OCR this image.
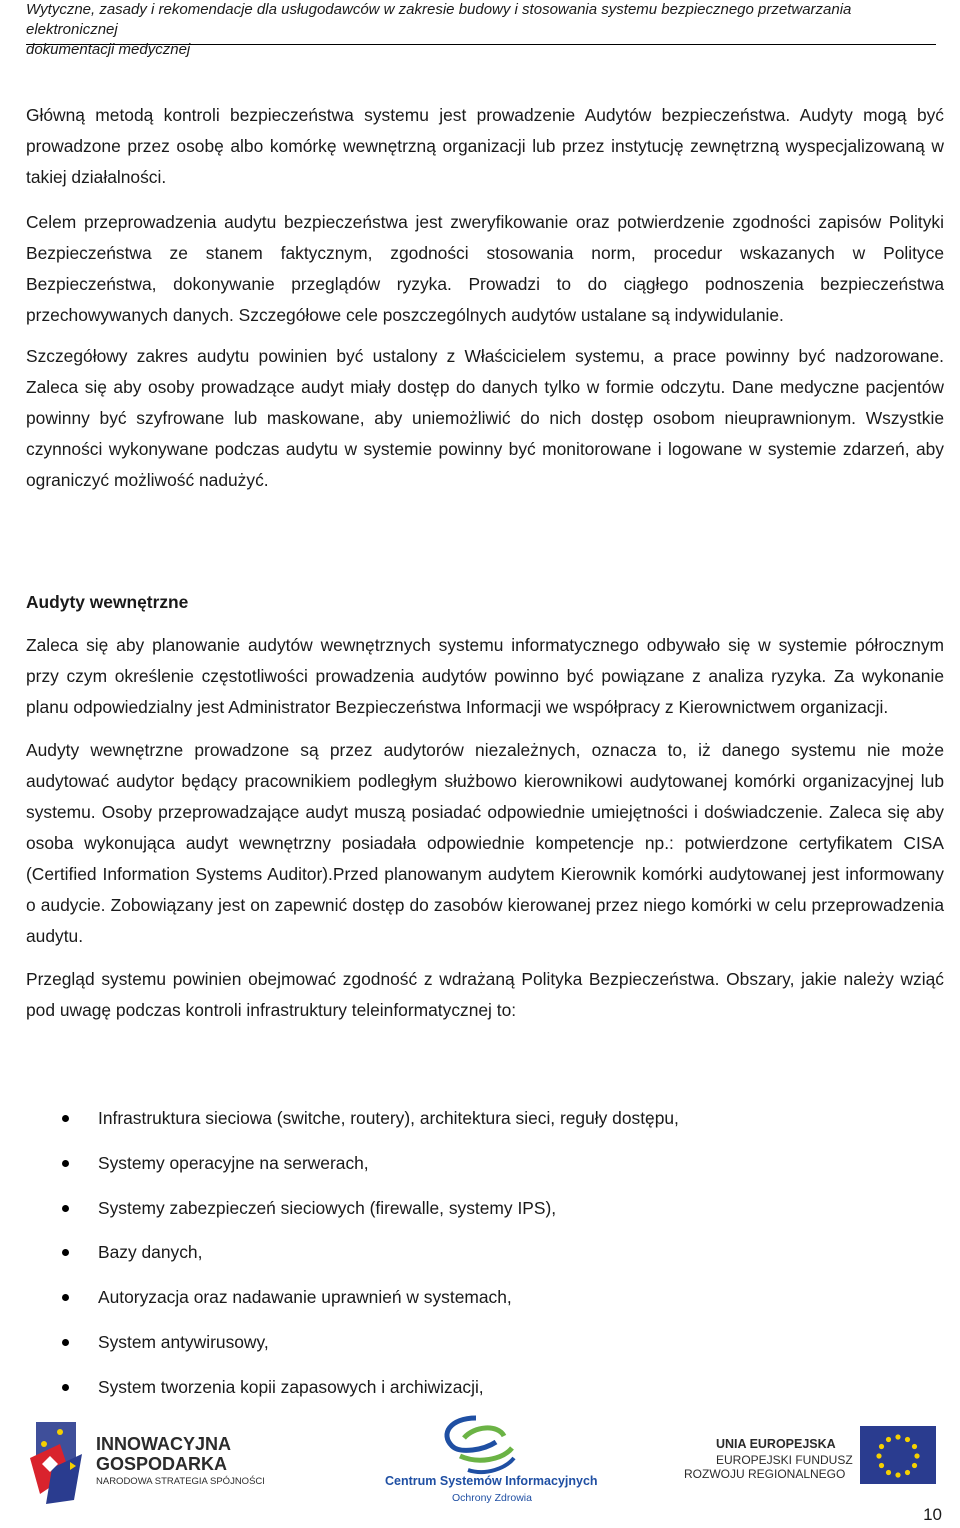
Wytyczne, zasady i rekomendacje dla usługodawców w zakresie budowy i stosowania systemu bezpiecznego przetwarzania elektronicznej
dokumentacji medycznej

Główną metodą kontroli bezpieczeństwa systemu jest prowadzenie Audytów bezpieczeństwa. Audyty mogą być prowadzone przez osobę albo komórkę wewnętrzną organizacji lub przez instytucję zewnętrzną wyspecjalizowaną w takiej działalności.

Celem przeprowadzenia audytu bezpieczeństwa jest zweryfikowanie oraz potwierdzenie zgodności zapisów Polityki Bezpieczeństwa ze stanem faktycznym, zgodności stosowania norm, procedur wskazanych w Polityce Bezpieczeństwa, dokonywanie przeglądów ryzyka. Prowadzi to do ciągłego podnoszenia bezpieczeństwa przechowywanych danych. Szczegółowe cele poszczególnych audytów ustalane są indywidulanie.

Szczegółowy zakres audytu powinien być ustalony z Właścicielem systemu, a prace powinny być nadzorowane. Zaleca się aby osoby prowadzące audyt miały dostęp do danych tylko w formie odczytu. Dane medyczne pacjentów powinny być szyfrowane lub maskowane, aby uniemożliwić do nich dostęp osobom nieuprawnionym. Wszystkie czynności wykonywane podczas audytu w systemie powinny być monitorowane i logowane w systemie zdarzeń, aby ograniczyć możliwość nadużyć.

Audyty wewnętrzne

Zaleca się aby planowanie audytów wewnętrznych systemu informatycznego odbywało się w systemie półrocznym przy czym określenie częstotliwości prowadzenia audytów powinno być powiązane z analiza ryzyka. Za wykonanie planu odpowiedzialny jest Administrator Bezpieczeństwa Informacji we współpracy z Kierownictwem organizacji.

Audyty wewnętrzne prowadzone są przez audytorów niezależnych, oznacza to, iż danego systemu nie może audytować audytor będący pracownikiem podległym służbowo kierownikowi audytowanej komórki organizacyjnej lub systemu. Osoby przeprowadzające audyt muszą posiadać odpowiednie umiejętności i doświadczenie. Zaleca się aby osoba wykonująca audyt wewnętrzny posiadała odpowiednie kompetencje np.: potwierdzone certyfikatem CISA (Certified Information Systems Auditor).Przed planowanym audytem Kierownik komórki audytowanej jest informowany o audycie. Zobowiązany jest on zapewnić dostęp do zasobów kierowanej przez niego komórki w celu przeprowadzenia audytu.

Przegląd systemu powinien obejmować zgodność z wdrażaną Polityka Bezpieczeństwa. Obszary, jakie należy wziąć pod uwagę podczas kontroli infrastruktury teleinformatycznej to:

Infrastruktura sieciowa (switche, routery), architektura sieci, reguły dostępu,
Systemy operacyjne na serwerach,
Systemy zabezpieczeń sieciowych (firewalle, systemy IPS),
Bazy danych,
Autoryzacja oraz nadawanie uprawnień w systemach,
System antywirusowy,
System tworzenia kopii zapasowych i archiwizacji,
INNOWACYJNA
GOSPODARKA
NARODOWA STRATEGIA SPÓJNOŚCI	Centrum Systemów Informacyjnych
Ochrony Zdrowia
UNIA EUROPEJSKA
EUROPEJSKI FUNDUSZ
ROZWOJU REGIONALNEGO
10
